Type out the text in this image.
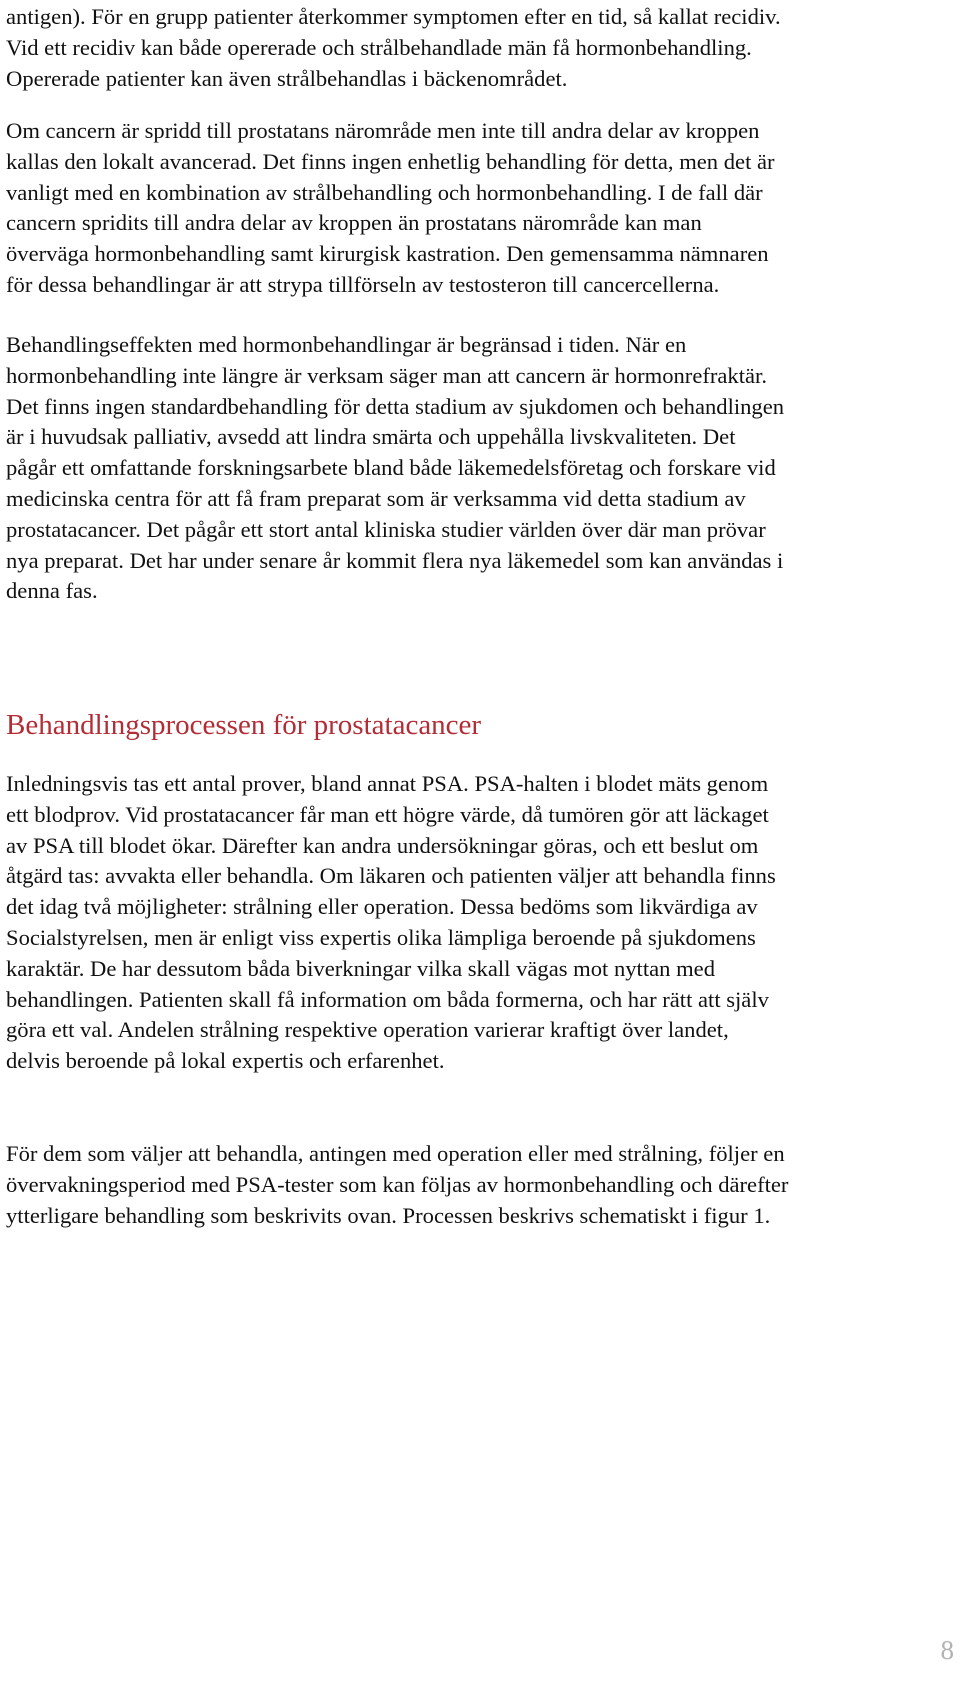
antigen). För en grupp patienter återkommer symptomen efter en tid, så kallat recidiv.
Vid ett recidiv kan både opererade och strålbehandlade män få hormonbehandling.
Opererade patienter kan även strålbehandlas i bäckenområdet.

Om cancern är spridd till prostatans närområde men inte till andra delar av kroppen
kallas den lokalt avancerad. Det finns ingen enhetlig behandling för detta, men det är
vanligt med en kombination av strålbehandling och hormonbehandling. I de fall där
cancern spridits till andra delar av kroppen än prostatans närområde kan man
överväga hormonbehandling samt kirurgisk kastration. Den gemensamma nämnaren
för dessa behandlingar är att strypa tillförseln av testosteron till cancercellerna.

Behandlingseffekten med hormonbehandlingar är begränsad i tiden. När en
hormonbehandling inte längre är verksam säger man att cancern är hormonrefraktär.
Det finns ingen standardbehandling för detta stadium av sjukdomen och behandlingen
är i huvudsak palliativ, avsedd att lindra smärta och uppehålla livskvaliteten. Det
pågår ett omfattande forskningsarbete bland både läkemedelsföretag och forskare vid
medicinska centra för att få fram preparat som är verksamma vid detta stadium av
prostatacancer. Det pågår ett stort antal kliniska studier världen över där man prövar
nya preparat. Det har under senare år kommit flera nya läkemedel som kan användas i
denna fas.

Behandlingsprocessen för prostatacancer

Inledningsvis tas ett antal prover, bland annat PSA. PSA-halten i blodet mäts genom
ett blodprov. Vid prostatacancer får man ett högre värde, då tumören gör att läckaget
av PSA till blodet ökar. Därefter kan andra undersökningar göras, och ett beslut om
åtgärd tas: avvakta eller behandla. Om läkaren och patienten väljer att behandla finns
det idag två möjligheter: strålning eller operation. Dessa bedöms som likvärdiga av
Socialstyrelsen, men är enligt viss expertis olika lämpliga beroende på sjukdomens
karaktär. De har dessutom båda biverkningar vilka skall vägas mot nyttan med
behandlingen. Patienten skall få information om båda formerna, och har rätt att själv
göra ett val. Andelen strålning respektive operation varierar kraftigt över landet,
delvis beroende på lokal expertis och erfarenhet.

För dem som väljer att behandla, antingen med operation eller med strålning, följer en
övervakningsperiod med PSA-tester som kan följas av hormonbehandling och därefter
ytterligare behandling som beskrivits ovan. Processen beskrivs schematiskt i figur 1.

8
